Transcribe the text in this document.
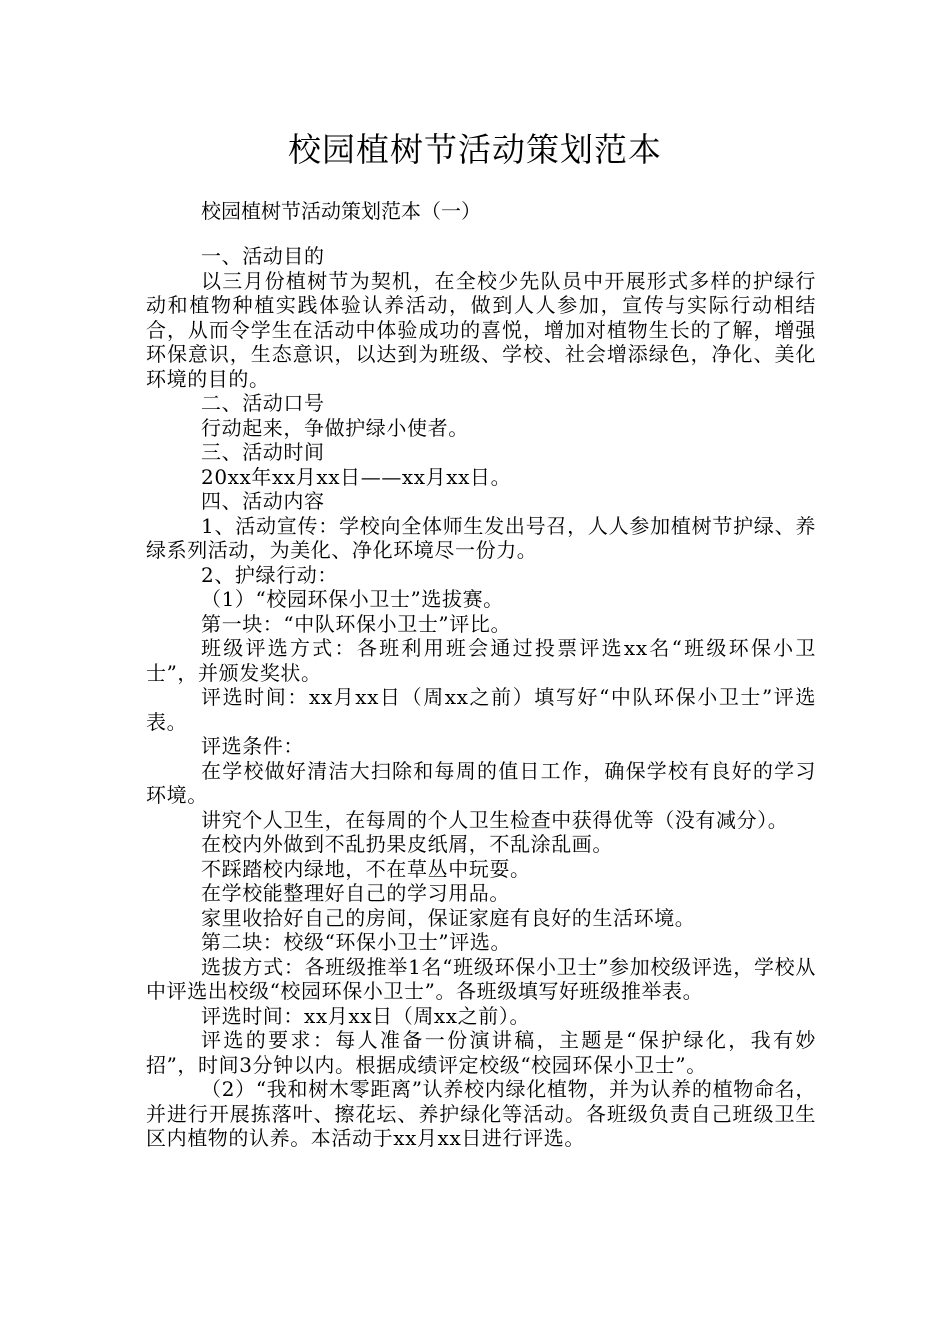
校园植树节活动策划范本
校园植树节活动策划范本（一）

一、活动目的

以三月份植树节为契机，在全校少先队员中开展形式多样的护绿行动和植物种植实践体验认养活动，做到人人参加，宣传与实际行动相结合，从而令学生在活动中体验成功的喜悦，增加对植物生长的了解，增强环保意识，生态意识，以达到为班级、学校、社会增添绿色，净化、美化环境的目的。

二、活动口号

行动起来，争做护绿小使者。

三、活动时间

20xx年xx月xx日——xx月xx日。

四、活动内容

1、活动宣传：学校向全体师生发出号召，人人参加植树节护绿、养绿系列活动，为美化、净化环境尽一份力。

2、护绿行动：

（1）“校园环保小卫士”选拔赛。

第一块：“中队环保小卫士”评比。

班级评选方式：各班利用班会通过投票评选xx名“班级环保小卫士”，并颁发奖状。

评选时间：xx月xx日（周xx之前）填写好“中队环保小卫士”评选表。

评选条件：

在学校做好清洁大扫除和每周的值日工作，确保学校有良好的学习环境。

讲究个人卫生，在每周的个人卫生检查中获得优等（没有减分）。

在校内外做到不乱扔果皮纸屑，不乱涂乱画。

不踩踏校内绿地，不在草丛中玩耍。

在学校能整理好自己的学习用品。

家里收拾好自己的房间，保证家庭有良好的生活环境。

第二块：校级“环保小卫士”评选。

选拔方式：各班级推举1名“班级环保小卫士”参加校级评选，学校从中评选出校级“校园环保小卫士”。各班级填写好班级推举表。

评选时间：xx月xx日（周xx之前）。

评选的要求：每人准备一份演讲稿，主题是“保护绿化，我有妙招”，时间3分钟以内。根据成绩评定校级“校园环保小卫士”。

（2）“我和树木零距离”认养校内绿化植物，并为认养的植物命名，并进行开展拣落叶、擦花坛、养护绿化等活动。各班级负责自己班级卫生区内植物的认养。本活动于xx月xx日进行评选。
